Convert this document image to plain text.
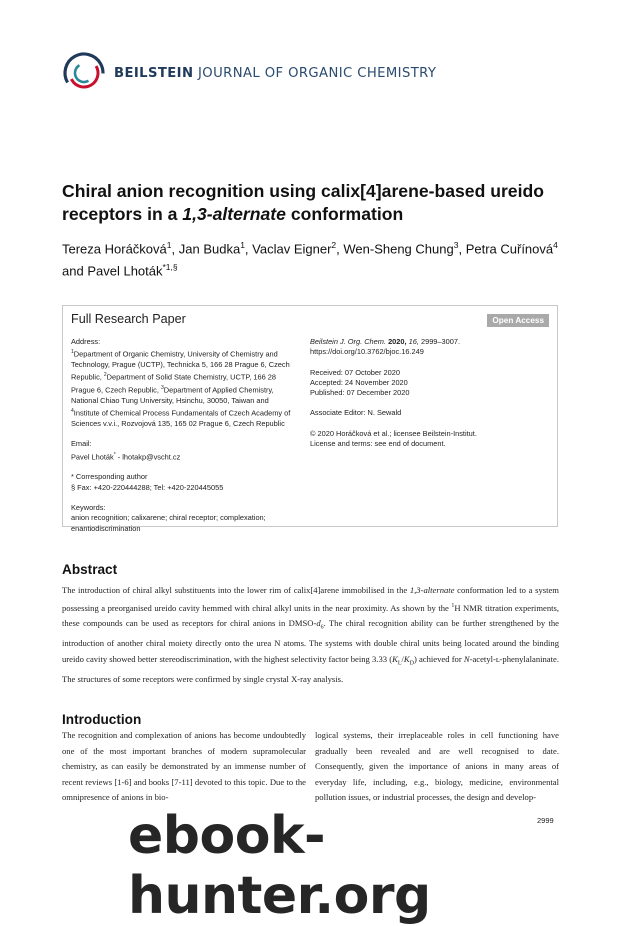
BEILSTEIN JOURNAL OF ORGANIC CHEMISTRY
Chiral anion recognition using calix[4]arene-based ureido receptors in a 1,3-alternate conformation
Tereza Horáčková$^1$, Jan Budka$^1$, Vaclav Eigner$^2$, Wen-Sheng Chung$^3$, Petra Cuřínová$^4$ and Pavel Lhoták$^{*1,\S}$
Full Research Paper	Open Access

Address:
$^1$Department of Organic Chemistry, University of Chemistry and Technology, Prague (UCTP), Technicka 5, 166 28 Prague 6, Czech Republic, $^2$Department of Solid State Chemistry, UCTP, 166 28 Prague 6, Czech Republic, $^3$Department of Applied Chemistry, National Chiao Tung University, Hsinchu, 30050, Taiwan and $^4$Institute of Chemical Process Fundamentals of Czech Academy of Sciences v.v.i., Rozvojová 135, 165 02 Prague 6, Czech Republic

Email:
Pavel Lhoták* - lhotakp@vscht.cz

* Corresponding author
§ Fax: +420-220444288; Tel: +420-220445055

Keywords:
anion recognition; calixarene; chiral receptor; complexation; enantiodiscrimination

Beilstein J. Org. Chem. 2020, 16, 2999–3007.
https://doi.org/10.3762/bjoc.16.249

Received: 07 October 2020
Accepted: 24 November 2020
Published: 07 December 2020

Associate Editor: N. Sewald

© 2020 Horáčková et al.; licensee Beilstein-Institut.
License and terms: see end of document.

Abstract
The introduction of chiral alkyl substituents into the lower rim of calix[4]arene immobilised in the 1,3-alternate conformation led to a system possessing a preorganised ureido cavity hemmed with chiral alkyl units in the near proximity. As shown by the $^1$H NMR titration experiments, these compounds can be used as receptors for chiral anions in DMSO-$d_6$. The chiral recognition ability can be further strengthened by the introduction of another chiral moiety directly onto the urea N atoms. The systems with double chiral units being located around the binding ureido cavity showed better stereodiscrimination, with the highest selectivity factor being 3.33 $(K_L/K_D)$ achieved for N-acetyl-ʟ-phenylalaninate. The structures of some receptors were confirmed by single crystal X-ray analysis.
Introduction
The recognition and complexation of anions has become undoubtedly one of the most important branches of modern supramolecular chemistry, as can easily be demonstrated by an immense number of recent reviews [1-6] and books [7-11] devoted to this topic. Due to the omnipresence of anions in bio-
logical systems, their irreplaceable roles in cell functioning have gradually been revealed and are well recognised to date. Consequently, given the importance of anions in many areas of everyday life, including, e.g., biology, medicine, environmental pollution issues, or industrial processes, the design and develop-
2999
ebook-hunter.org
